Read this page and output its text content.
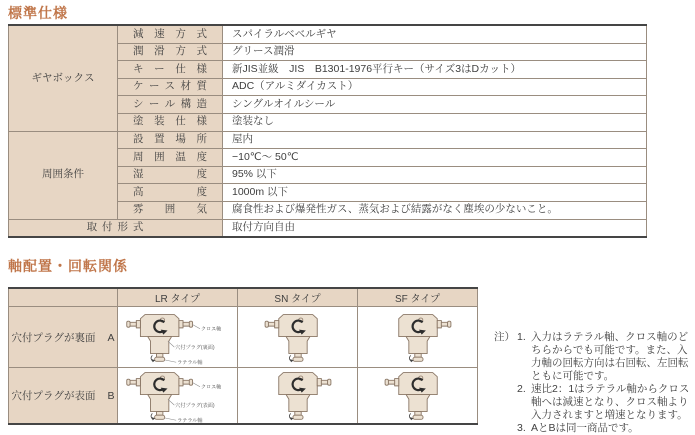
標準仕様
ギヤボックス	減 速 方 式	スパイラルベベルギヤ

	潤 滑 方 式	グリース潤滑

	キ ー 仕 様	新JIS並級　JIS　B1301-1976平行キー（サイズ3はDカット）

	ケース材質	ADC（アルミダイカスト）

	シール構造	シングルオイルシール

	塗 装 仕 様	塗装なし
周囲条件	設 置 場 所	屋内

	周 囲 温 度	−10℃～ 50℃

	湿　　度	95% 以下

	高　　度	1000m 以下

	雰 囲 気	腐食性および爆発性ガス、蒸気および結露がなく塵埃の少ないこと。
取 付 形 式		取付方向自由
軸配置・回転関係
	LR タイプ	SN タイプ	SF タイプ
穴付プラグが裏面 A	クロス軸
穴付プラグ(裏面)
ラテラル軸

穴付プラグが表面 B	クロス軸
穴付プラグ(表面)
ラテラル軸

注） 1. 入力はラテラル軸、クロス軸のどちらからでも可能です。また、入力軸の回転方向は右回転、左回転ともに可能です。
2. 速比2：1はラテラル軸からクロス軸へは減速となり、クロス軸より入力されますと増速となります。
3. AとBは同一商品です。
